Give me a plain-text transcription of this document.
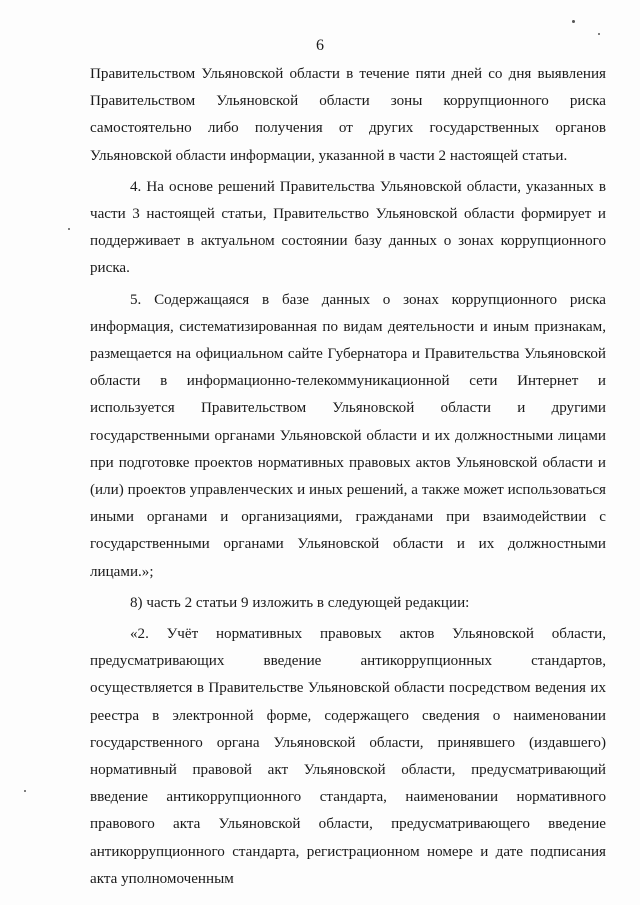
6

Правительством Ульяновской области в течение пяти дней со дня выявления Правительством Ульяновской области зоны коррупционного риска самостоятельно либо получения от других государственных органов Ульяновской области информации, указанной в части 2 настоящей статьи.

4. На основе решений Правительства Ульяновской области, указанных в части 3 настоящей статьи, Правительство Ульяновской области формирует и поддерживает в актуальном состоянии базу данных о зонах коррупционного риска.

5. Содержащаяся в базе данных о зонах коррупционного риска информация, систематизированная по видам деятельности и иным признакам, размещается на официальном сайте Губернатора и Правительства Ульяновской области в информационно-телекоммуникационной сети Интернет и используется Правительством Ульяновской области и другими государственными органами Ульяновской области и их должностными лицами при подготовке проектов нормативных правовых актов Ульяновской области и (или) проектов управленческих и иных решений, а также может использоваться иными органами и организациями, гражданами при взаимодействии с государственными органами Ульяновской области и их должностными лицами.»;

8) часть 2 статьи 9 изложить в следующей редакции:

«2. Учёт нормативных правовых актов Ульяновской области, предусматривающих введение антикоррупционных стандартов, осуществляется в Правительстве Ульяновской области посредством ведения их реестра в электронной форме, содержащего сведения о наименовании государственного органа Ульяновской области, принявшего (издавшего) нормативный правовой акт Ульяновской области, предусматривающий введение антикоррупционного стандарта, наименовании нормативного правового акта Ульяновской области, предусматривающего введение антикоррупционного стандарта, регистрационном номере и дате подписания акта уполномоченным
